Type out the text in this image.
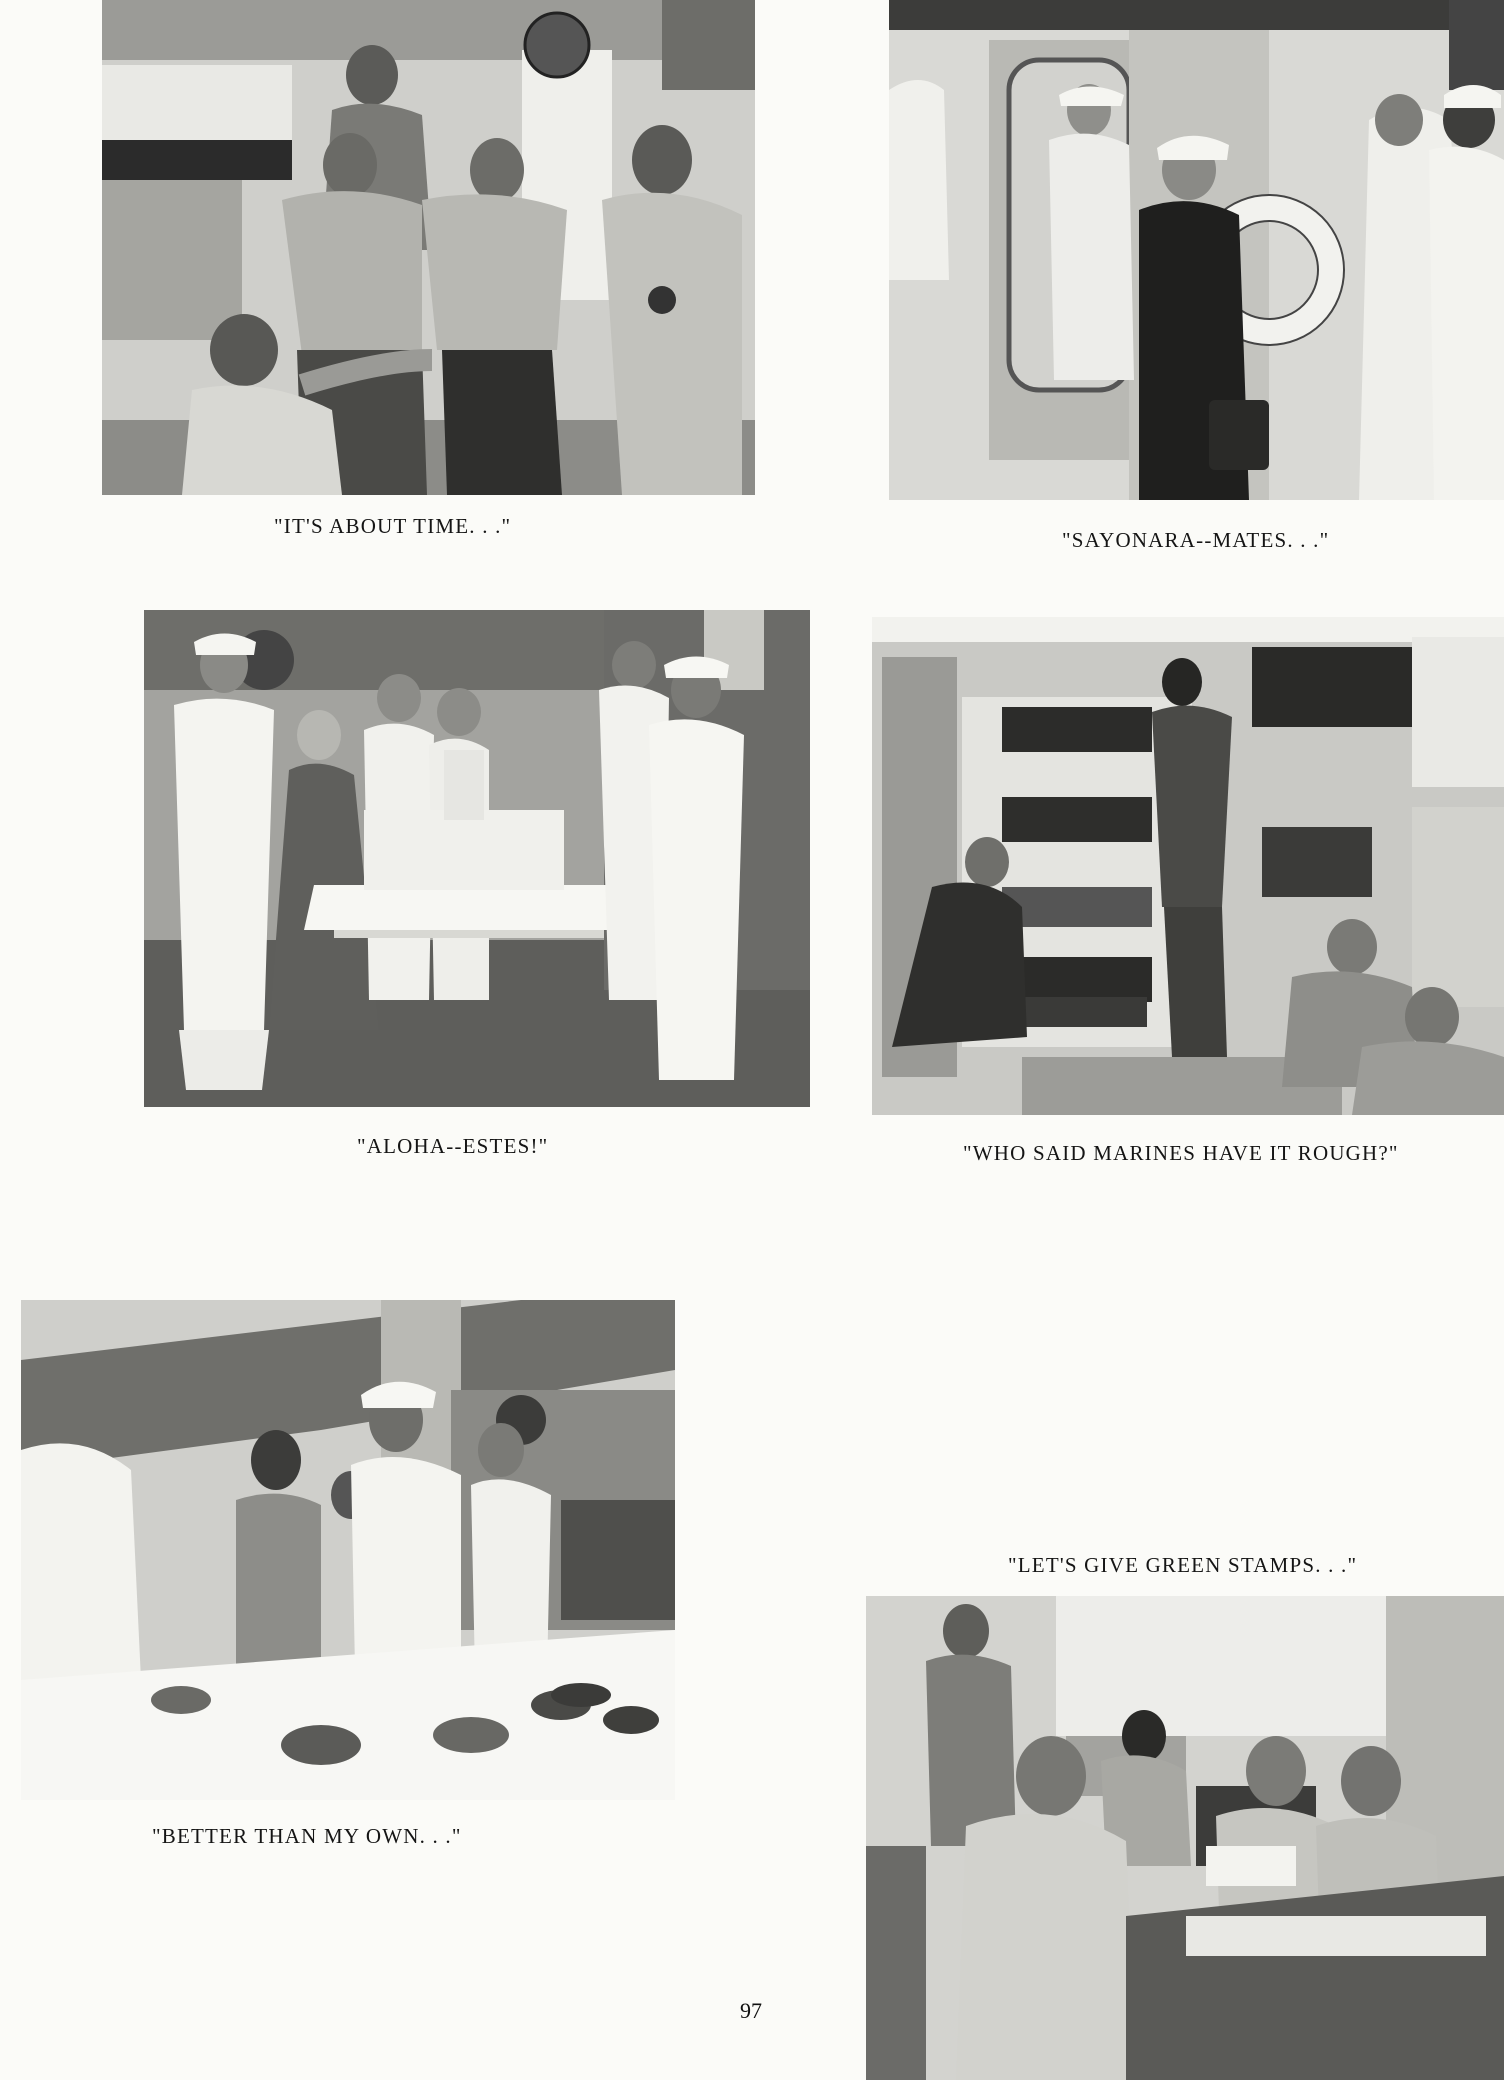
"IT'S ABOUT TIME. . ."
"SAYONARA--MATES. . ."
"ALOHA--ESTES!"	"WHO SAID MARINES HAVE IT ROUGH?"
"BETTER THAN MY OWN. . ."
"LET'S GIVE GREEN STAMPS. . ."
97
